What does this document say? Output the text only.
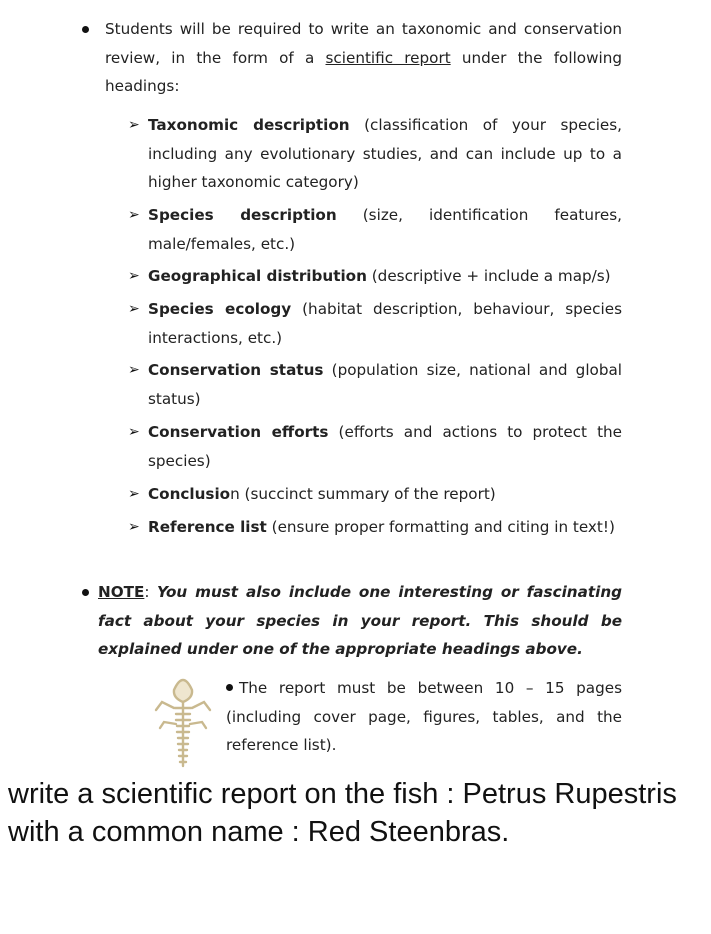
Students will be required to write an taxonomic and conservation review, in the form of a scientific report under the following headings:
➢ Taxonomic description (classification of your species, including any evolutionary studies, and can include up to a higher taxonomic category)
➢ Species description (size, identification features, male/females, etc.)
➢ Geographical distribution (descriptive + include a map/s)
➢ Species ecology (habitat description, behaviour, species interactions, etc.)
➢ Conservation status (population size, national and global status)
➢ Conservation efforts (efforts and actions to protect the species)
➢ Conclusion (succinct summary of the report)
➢ Reference list (ensure proper formatting and citing in text!)
NOTE: You must also include one interesting or fascinating fact about your species in your report. This should be explained under one of the appropriate headings above.
The report must be between 10 – 15 pages (including cover page, figures, tables, and the reference list).
write a scientific report on the fish : Petrus Rupestris with a common name : Red Steenbras.
